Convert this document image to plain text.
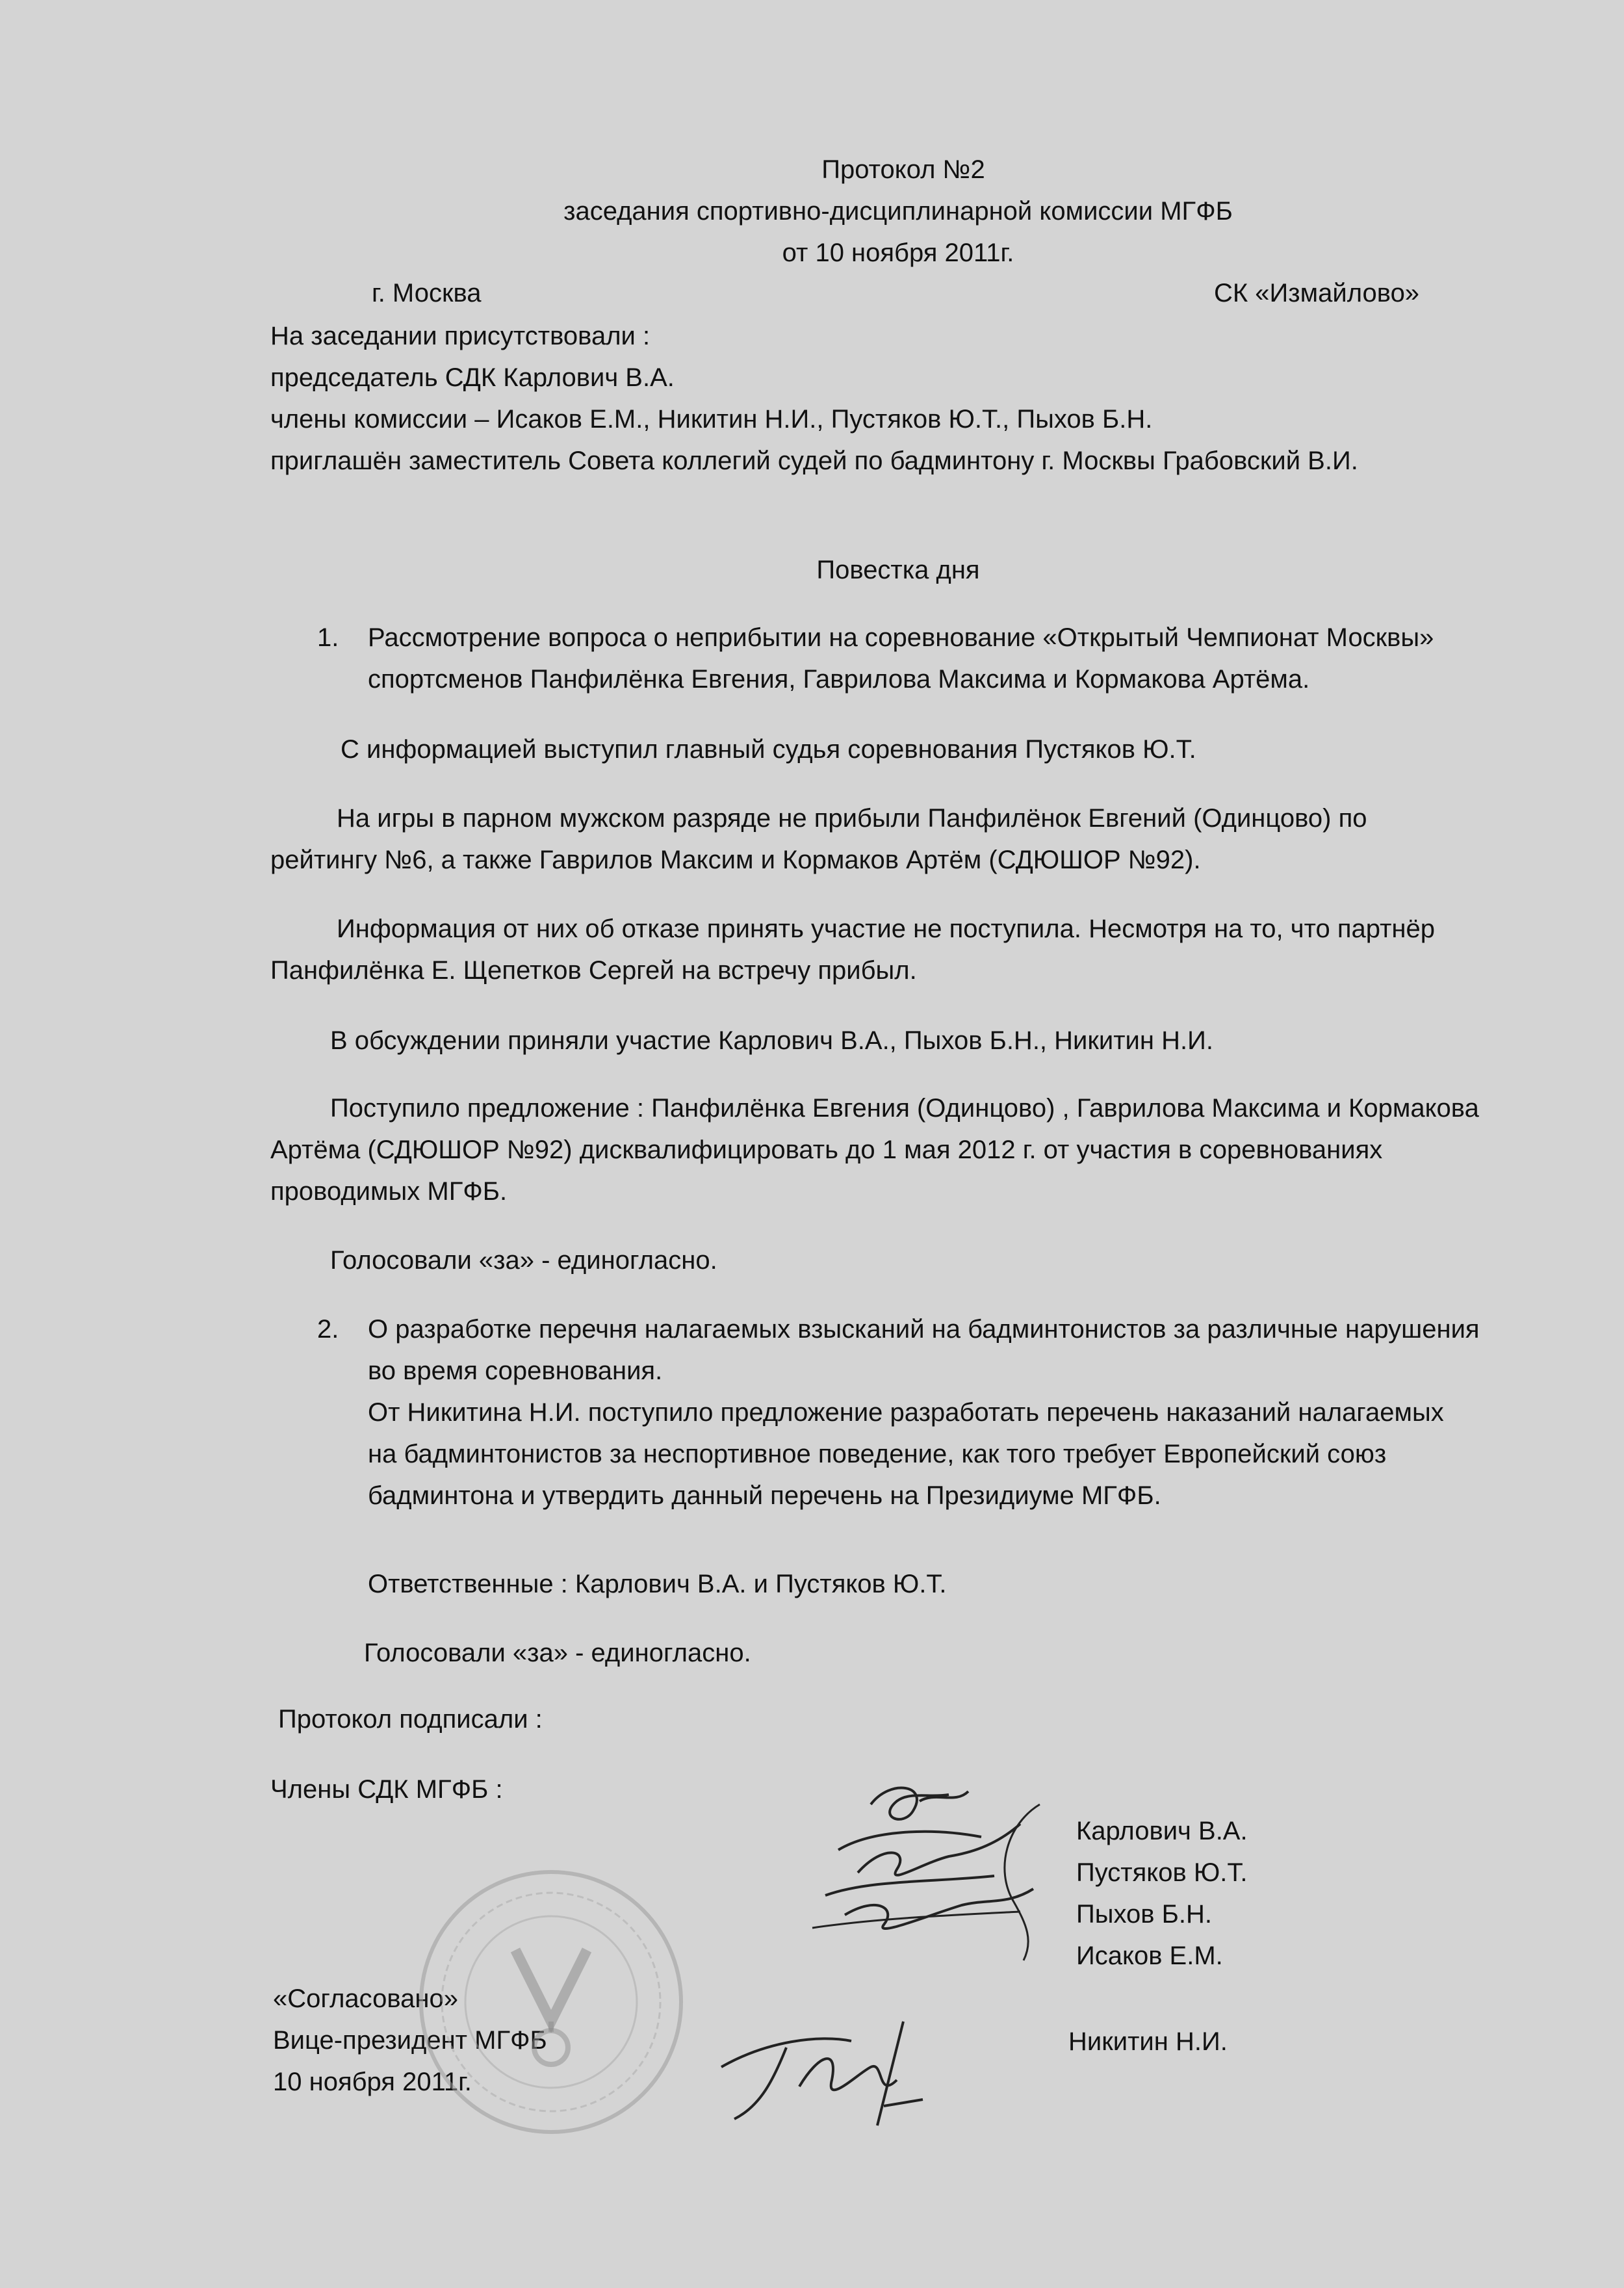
Протокол №2
заседания спортивно-дисциплинарной комиссии МГФБ
от 10 ноября 2011г.
г. Москва	СК «Измайлово»
На заседании присутствовали :
председатель СДК Карлович В.А.
члены комиссии – Исаков Е.М., Никитин Н.И., Пустяков Ю.Т., Пыхов Б.Н.
приглашён заместитель Совета коллегий судей по бадминтону г. Москвы Грабовский В.И.
Повестка дня
1. Рассмотрение вопроса о неприбытии на соревнование «Открытый Чемпионат Москвы»
спортсменов Панфилёнка Евгения, Гаврилова Максима и Кормакова Артёма.
С информацией выступил главный судья соревнования Пустяков Ю.Т.
На игры в парном мужском разряде не прибыли Панфилёнок Евгений (Одинцово) по
рейтингу №6, а также Гаврилов Максим и Кормаков Артём (СДЮШОР №92).
Информация от них об отказе принять участие не поступила. Несмотря на то, что партнёр
Панфилёнка Е. Щепетков Сергей на встречу прибыл.
В обсуждении приняли участие Карлович В.А., Пыхов Б.Н., Никитин Н.И.
Поступило предложение : Панфилёнка Евгения (Одинцово) , Гаврилова Максима и Кормакова
Артёма (СДЮШОР №92) дисквалифицировать до 1 мая 2012 г. от участия в соревнованиях
проводимых МГФБ.
Голосовали «за» - единогласно.
2. О разработке перечня налагаемых взысканий на бадминтонистов за различные нарушения
во время соревнования.
От Никитина Н.И. поступило предложение разработать перечень наказаний налагаемых
на бадминтонистов за неспортивное поведение, как того требует Европейский союз
бадминтона и утвердить данный перечень на Президиуме МГФБ.
Ответственные : Карлович В.А. и Пустяков Ю.Т.
Голосовали «за» - единогласно.
Протокол подписали :
Члены СДК МГФБ :
Карлович В.А.
Пустяков Ю.Т.
Пыхов Б.Н.
Исаков Е.М.
Никитин Н.И.
«Согласовано»
Вице-президент МГФБ
10 ноября 2011г.
